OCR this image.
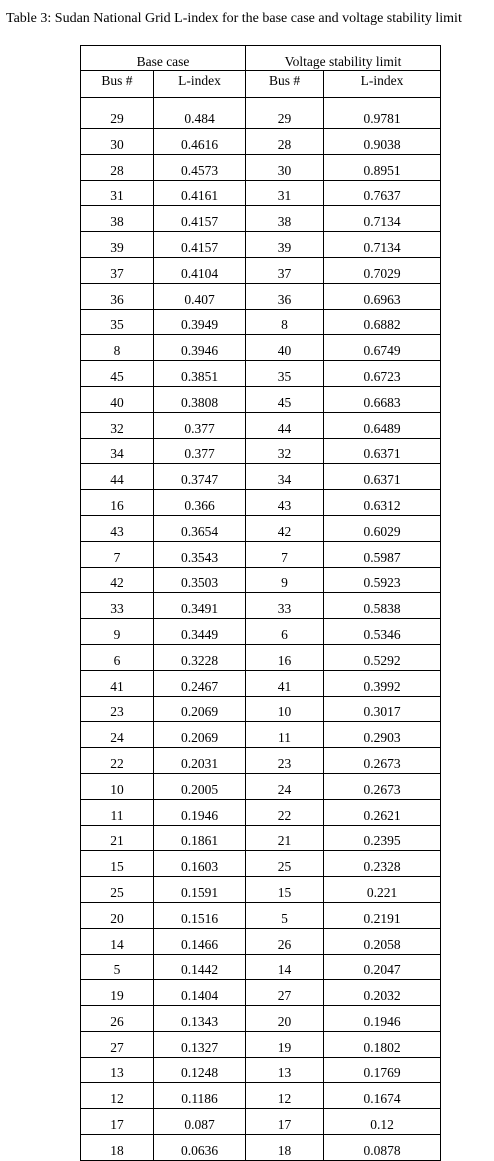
Table 3: Sudan National Grid L-index for the base case and voltage stability limit
Base case		Voltage stability limit	
Bus #	L-index	Bus #	L-index
29	0.484	29	0.9781
30	0.4616	28	0.9038
28	0.4573	30	0.8951
31	0.4161	31	0.7637
38	0.4157	38	0.7134
39	0.4157	39	0.7134
37	0.4104	37	0.7029
36	0.407	36	0.6963
35	0.3949	8	0.6882
8	0.3946	40	0.6749
45	0.3851	35	0.6723
40	0.3808	45	0.6683
32	0.377	44	0.6489
34	0.377	32	0.6371
44	0.3747	34	0.6371
16	0.366	43	0.6312
43	0.3654	42	0.6029
7	0.3543	7	0.5987
42	0.3503	9	0.5923
33	0.3491	33	0.5838
9	0.3449	6	0.5346
6	0.3228	16	0.5292
41	0.2467	41	0.3992
23	0.2069	10	0.3017
24	0.2069	11	0.2903
22	0.2031	23	0.2673
10	0.2005	24	0.2673
11	0.1946	22	0.2621
21	0.1861	21	0.2395
15	0.1603	25	0.2328
25	0.1591	15	0.221
20	0.1516	5	0.2191
14	0.1466	26	0.2058
5	0.1442	14	0.2047
19	0.1404	27	0.2032
26	0.1343	20	0.1946
27	0.1327	19	0.1802
13	0.1248	13	0.1769
12	0.1186	12	0.1674
17	0.087	17	0.12
18	0.0636	18	0.0878
